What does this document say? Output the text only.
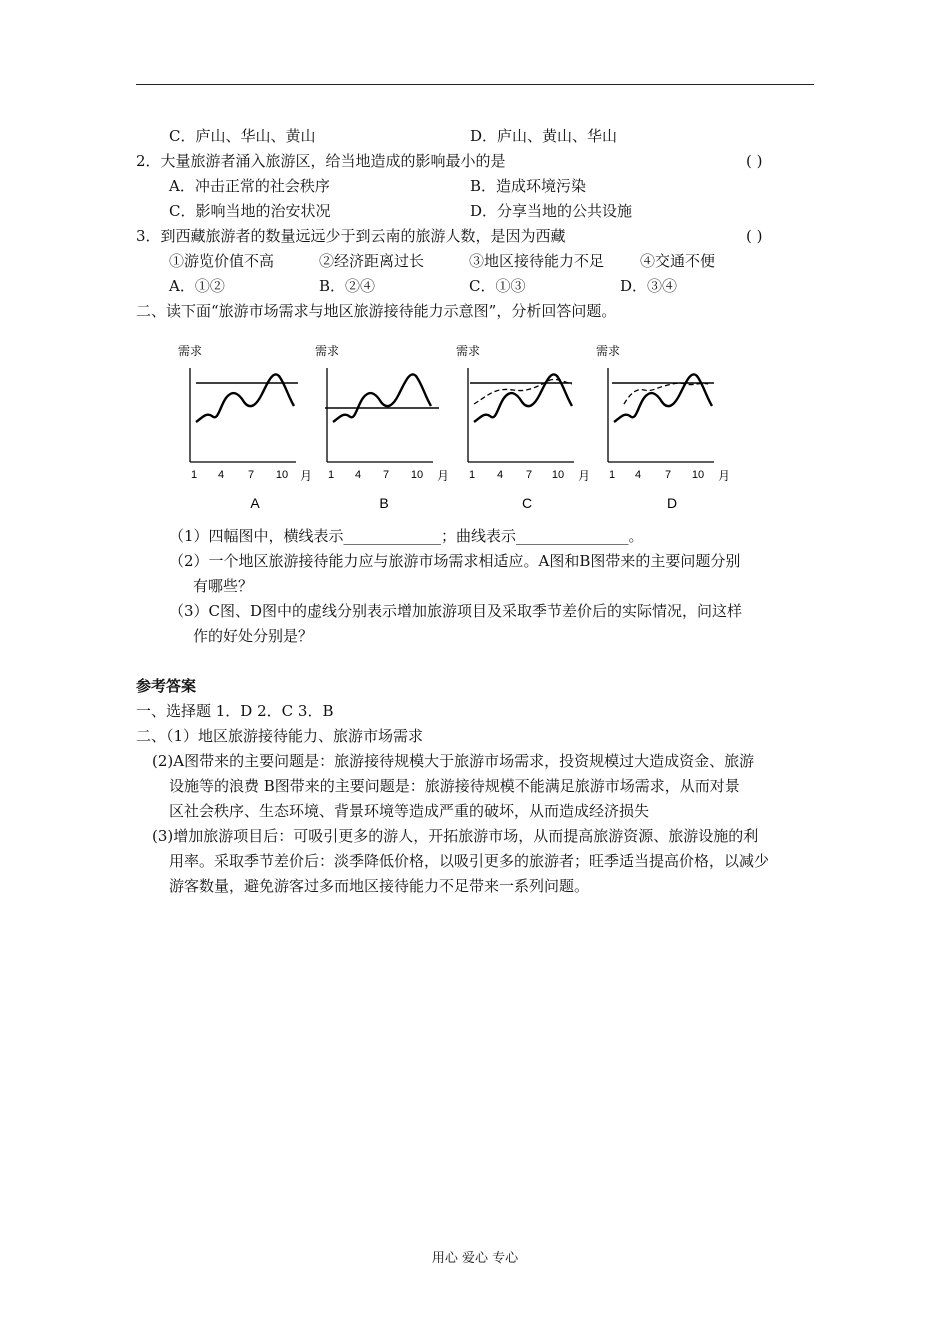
C．庐山、华山、黄山	D．庐山、黄山、华山
2．大量旅游者涌入旅游区，给当地造成的影响最小的是	( )
A．冲击正常的社会秩序	B．造成环境污染
C．影响当地的治安状况	D．分享当地的公共设施
3．到西藏旅游者的数量远远少于到云南的旅游人数，是因为西藏	( )
①游览价值不高	②经济距离过长	③地区接待能力不足 ④交通不便
A．①②	B．②④	C．①③	D．③④
二、读下面“旅游市场需求与地区旅游接待能力示意图”，分析回答问题。
需求
1 4 7 10 月
A
需求
1 4 7 10 月
B
需求
1 4 7 10 月
C
需求
1 4 7 10 月
D
（1）四幅图中，横线表示_____________；曲线表示_______________。
（2）一个地区旅游接待能力应与旅游市场需求相适应。A图和B图带来的主要问题分别
有哪些？
（3）C图、D图中的虚线分别表示增加旅游项目及采取季节差价后的实际情况，问这样
作的好处分别是？
参考答案
一、选择题 1．D 2．C 3．B
二、（1）地区旅游接待能力、旅游市场需求
(2)A图带来的主要问题是：旅游接待规模大于旅游市场需求，投资规模过大造成资金、旅游
设施等的浪费 B图带来的主要问题是：旅游接待规模不能满足旅游市场需求，从而对景
区社会秩序、生态环境、背景环境等造成严重的破坏，从而造成经济损失
(3)增加旅游项目后：可吸引更多的游人，开拓旅游市场，从而提高旅游资源、旅游设施的利
用率。采取季节差价后：淡季降低价格，以吸引更多的旅游者；旺季适当提高价格，以减少
游客数量，避免游客过多而地区接待能力不足带来一系列问题。
用心 爱心 专心
